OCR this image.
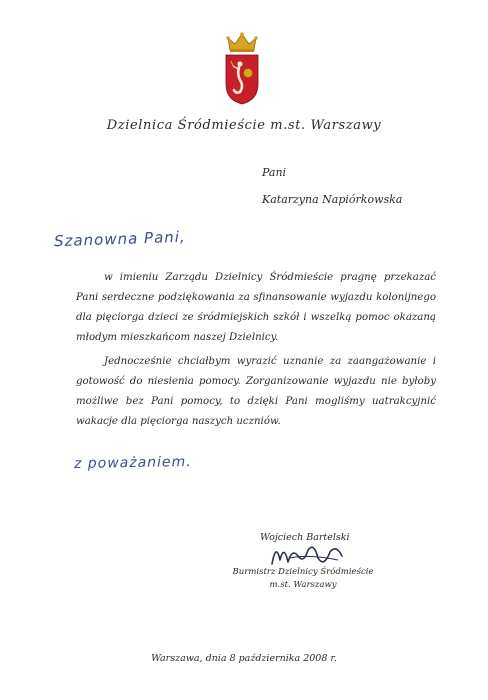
Dzielnica Śródmieście m.st. Warszawy
Pani
Katarzyna Napiórkowska
Szanowna Pani,

w imieniu Zarządu Dzielnicy Śródmieście pragnę przekazać Pani serdeczne podziękowania za sfinansowanie wyjazdu kolonijnego dla pięciorga dzieci ze śródmiejskich szkół i wszelką pomoc okazaną młodym mieszkańcom naszej Dzielnicy.

Jednocześnie chciałbym wyrazić uznanie za zaangażowanie i gotowość do niesienia pomocy. Zorganizowanie wyjazdu nie byłoby możliwe bez Pani pomocy, to dzięki Pani mogliśmy uatrakcyjnić wakacje dla pięciorga naszych uczniów.

z poważaniem.
Wojciech Bartelski
Burmistrz Dzielnicy Śródmieście
m.st. Warszawy
Warszawa, dnia 8 października 2008 r.
